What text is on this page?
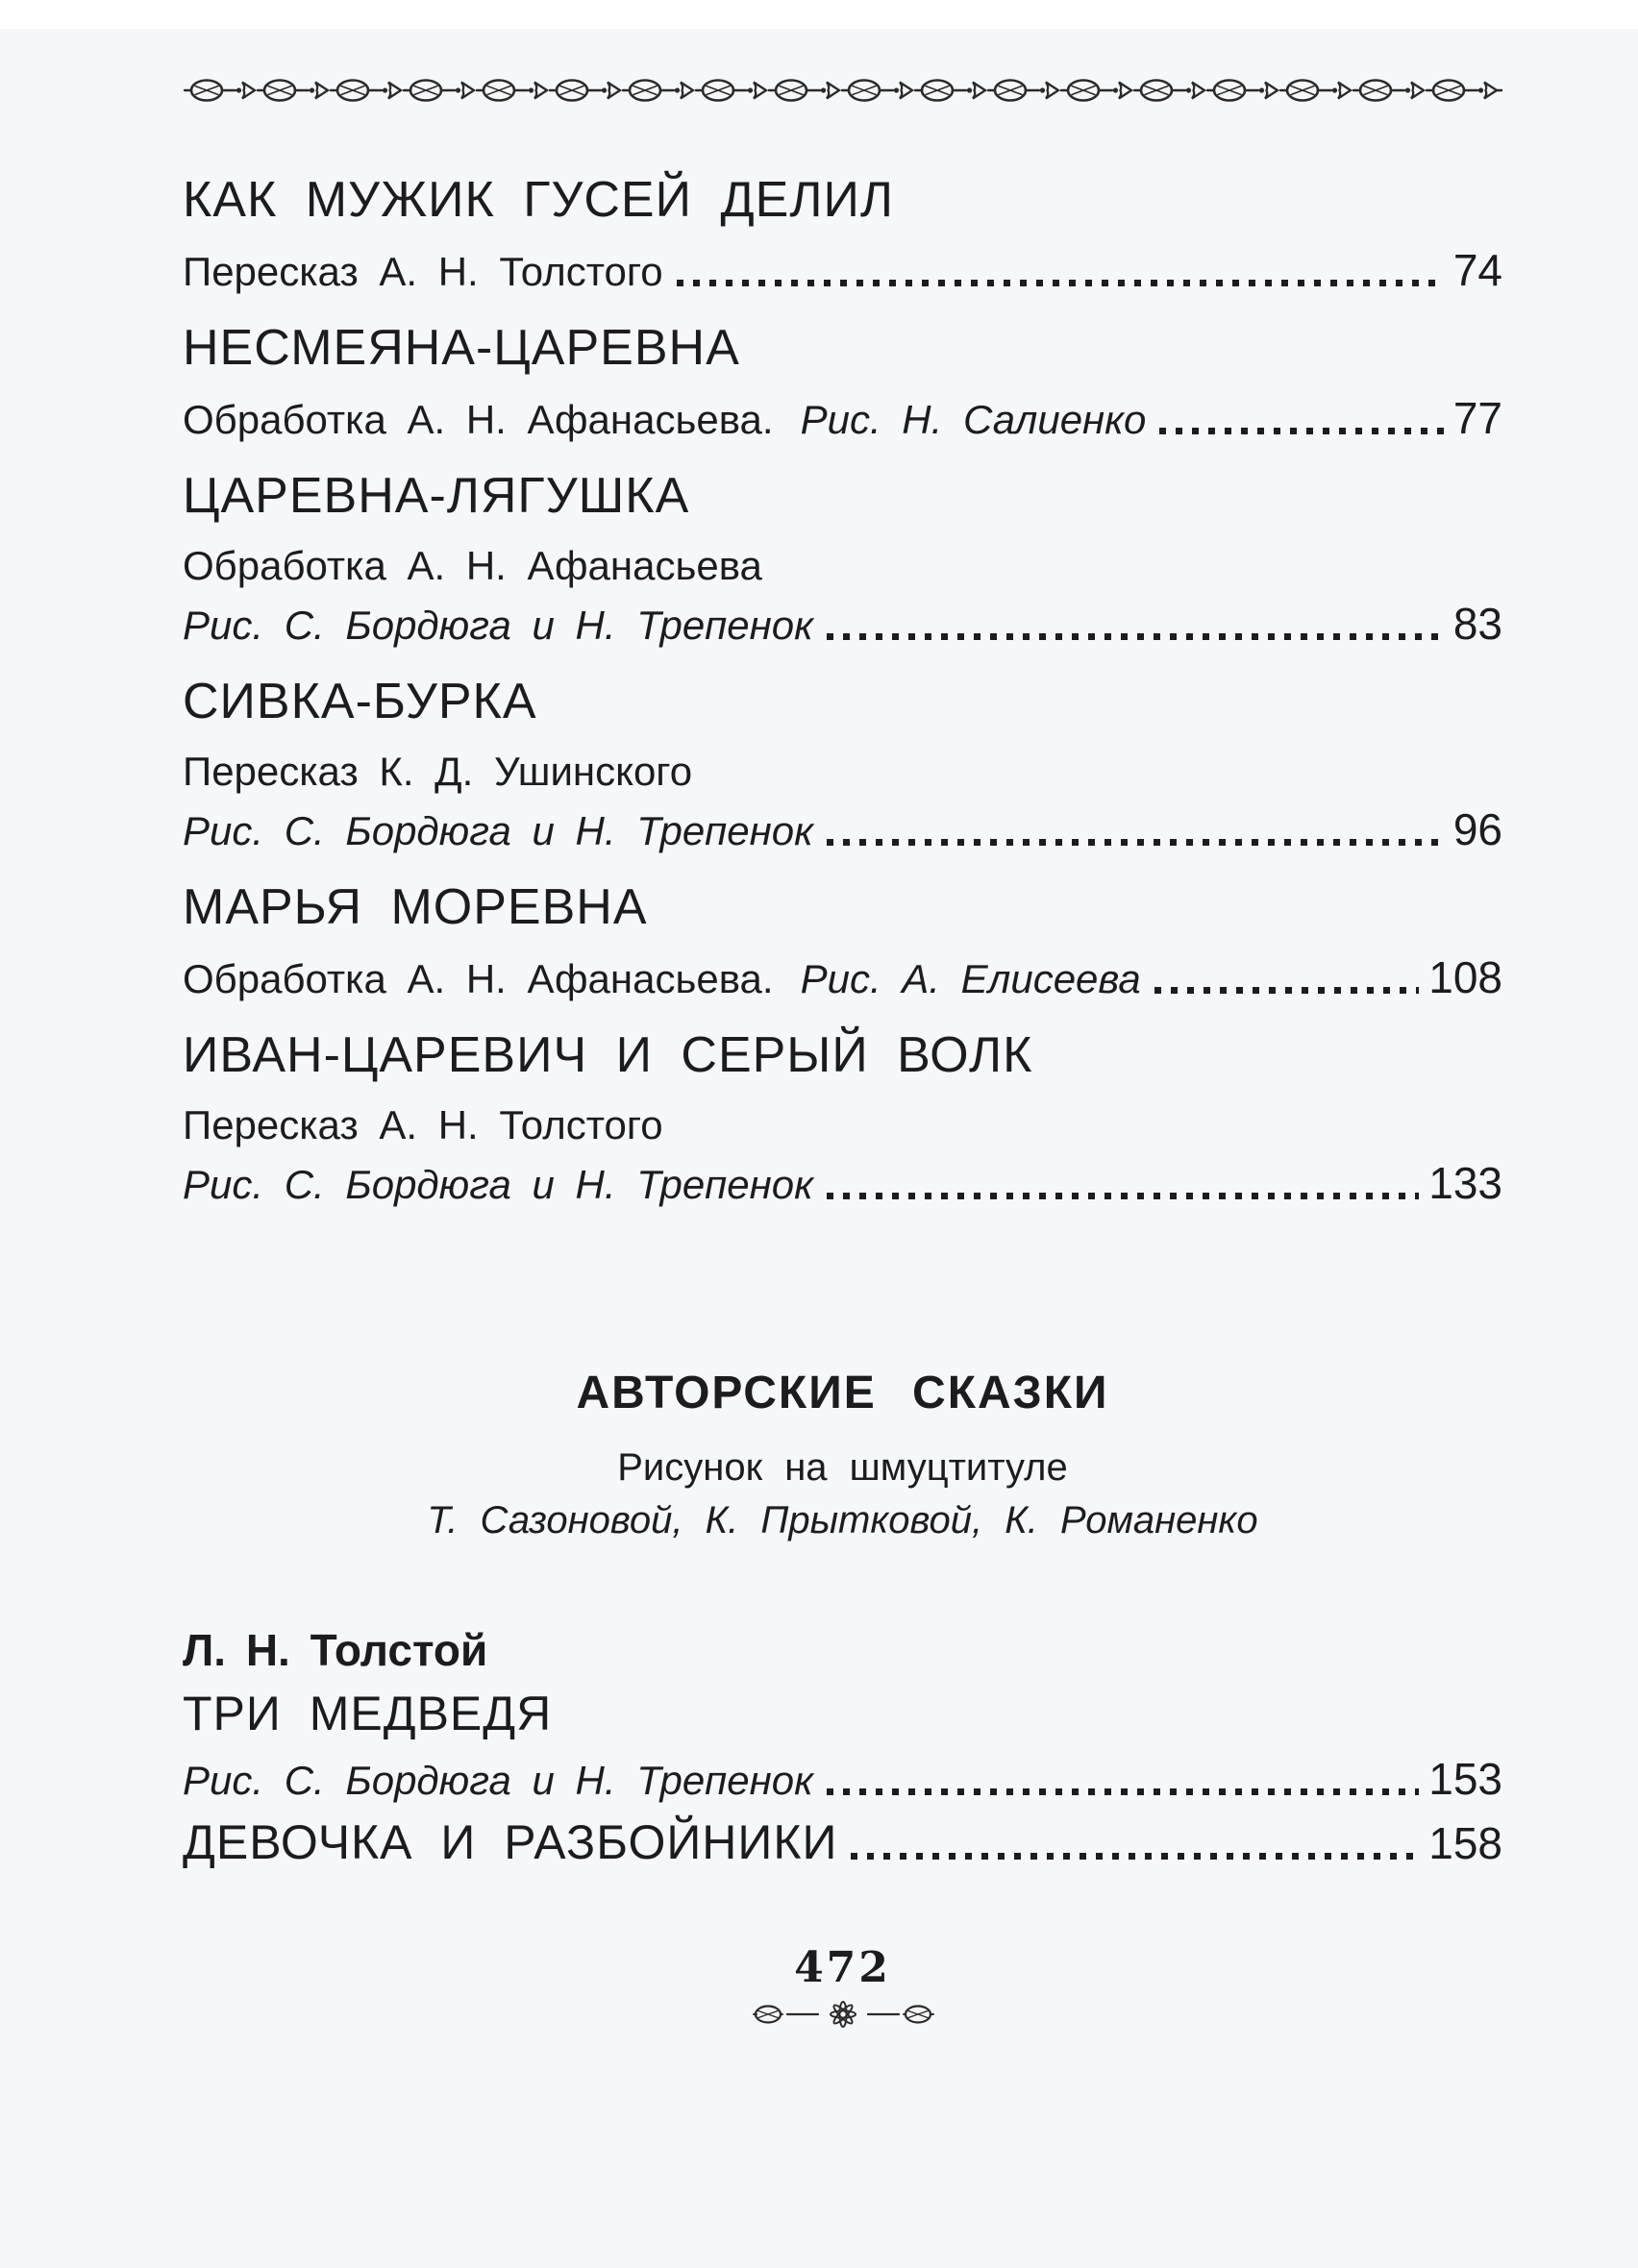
КАК МУЖИК ГУСЕЙ ДЕЛИЛ
Пересказ А. Н. Толстого	74
НЕСМЕЯНА-ЦАРЕВНА
Обработка А. Н. Афанасьева. Рис. Н. Салиенко	77
ЦАРЕВНА-ЛЯГУШКА
Обработка А. Н. Афанасьева
Рис. С. Бордюга и Н. Трепенок	83
СИВКА-БУРКА
Пересказ К. Д. Ушинского
Рис. С. Бордюга и Н. Трепенок	96
МАРЬЯ МОРЕВНА
Обработка А. Н. Афанасьева. Рис. А. Елисеева	108
ИВАН-ЦАРЕВИЧ И СЕРЫЙ ВОЛК
Пересказ А. Н. Толстого
Рис. С. Бордюга и Н. Трепенок	133
АВТОРСКИЕ СКАЗКИ
Рисунок на шмуцтитуле
Т. Сазоновой, К. Прытковой, К. Романенко
Л. Н. Толстой
ТРИ МЕДВЕДЯ
Рис. С. Бордюга и Н. Трепенок	153
ДЕВОЧКА И РАЗБОЙНИКИ	158
472
